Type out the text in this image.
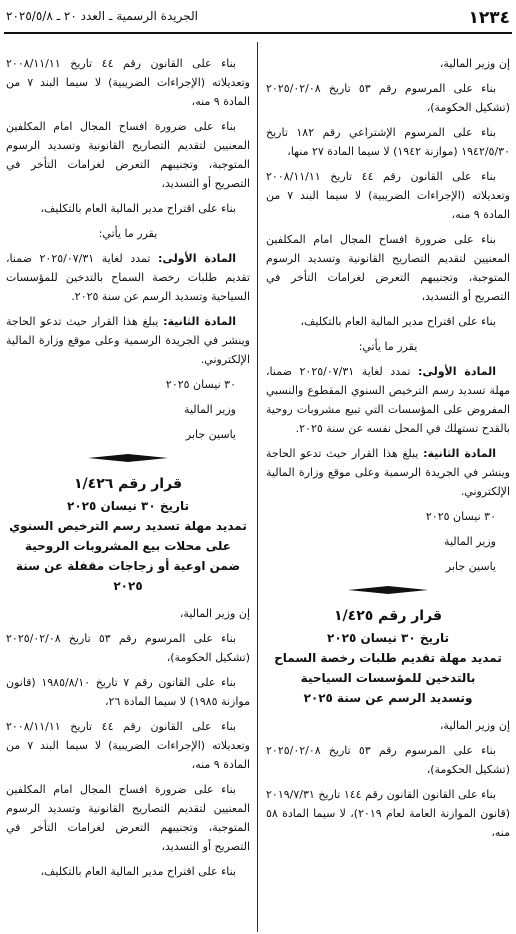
١٢٣٤
الجريدة الرسمية ـ العدد ٢٠ ـ ٢٠٢٥/٥/٨

إن وزير المالية،

بناء على المرسوم رقم ٥٣ تاريخ ٢٠٢٥/٠٢/٠٨ (تشكيل الحكومة)،

بناء على المرسوم الإشتراعي رقم ١٨٢ تاريخ ١٩٤٢/٥/٣٠ (موازنة ١٩٤٢) لا سيما المادة ٢٧ منها،

بناء على القانون رقم ٤٤ تاريخ ٢٠٠٨/١١/١١ وتعديلاته (الإجراءات الضريبية) لا سيما البند ٧ من المادة ٩ منه،

بناء على ضرورة افساح المجال امام المكلفين المعنيين لتقديم التصاريح القانونية وتسديد الرسوم المتوجبة، وتجنيبهم التعرض لغرامات التأخر في التصريح أو التسديد،

بناء على اقتراح مدير المالية العام بالتكليف،

يقرر ما يأتي:

المادة الأولى: تمدد لغاية ٢٠٢٥/٠٧/٣١ ضمنا، مهلة تسديد رسم الترخيص السنوي المقطوع والنسبي المفروض على المؤسسات التي تبيع مشروبات روحية بالقدح تستهلك في المحل نفسه عن سنة ٢٠٢٥.

المادة الثانية: يبلغ هذا القرار حيث تدعو الحاجة وينشر في الجريدة الرسمية وعلى موقع وزارة المالية الإلكتروني.

٣٠ نيسان ٢٠٢٥

وزير المالية

ياسين جابر

قرار رقم ١/٤٢٥

تاريخ ٣٠ نيسان ٢٠٢٥

تمديد مهلة تقديم طلبات رخصة السماح

بالتدخين للمؤسسات السياحية

وتسديد الرسم عن سنة ٢٠٢٥

إن وزير المالية،

بناء على المرسوم رقم ٥٣ تاريخ ٢٠٢٥/٠٢/٠٨ (تشكيل الحكومة)،

بناء على القانون القانون رقم ١٤٤ تاريخ ٢٠١٩/٧/٣١ (قانون الموازنة العامة لعام ٢٠١٩)، لا سيما المادة ٥٨ منه،

بناء على القانون رقم ٤٤ تاريخ ٢٠٠٨/١١/١١ وتعديلاته (الإجراءات الضريبية) لا سيما البند ٧ من المادة ٩ منه،

بناء على ضرورة افساح المجال امام المكلفين المعنيين لتقديم التصاريح القانونية وتسديد الرسوم المتوجبة، وتجنيبهم التعرض لغرامات التأخر في التصريح أو التسديد،

بناء على اقتراح مدير المالية العام بالتكليف،

يقرر ما يأتي:

المادة الأولى: تمدد لغاية ٢٠٢٥/٠٧/٣١ ضمنا، تقديم طلبات رخصة السماح بالتدخين للمؤسسات السياحية وتسديد الرسم عن سنة ٢٠٢٥.

المادة الثانية: يبلغ هذا القرار حيث تدعو الحاجة وينشر في الجريدة الرسمية وعلى موقع وزارة المالية الإلكتروني.

٣٠ نيسان ٢٠٢٥

وزير المالية

ياسين جابر

قرار رقم ١/٤٢٦

تاريخ ٣٠ نيسان ٢٠٢٥

تمديد مهلة تسديد رسم الترخيص السنوي

على محلات بيع المشروبات الروحية

ضمن اوعية أو زجاجات مقفلة عن سنة ٢٠٢٥

إن وزير المالية،

بناء على المرسوم رقم ٥٣ تاريخ ٢٠٢٥/٠٢/٠٨ (تشكيل الحكومة)،

بناء على القانون رقم ٧ تاريخ ١٩٨٥/٨/١٠ (قانون موازنة ١٩٨٥) لا سيما المادة ٢٦،

بناء على القانون رقم ٤٤ تاريخ ٢٠٠٨/١١/١١ وتعديلاته (الإجراءات الضريبية) لا سيما البند ٧ من المادة ٩ منه،

بناء على ضرورة افساح المجال امام المكلفين المعنيين لتقديم التصاريح القانونية وتسديد الرسوم المتوجبة، وتجنيبهم التعرض لغرامات التأخر في التصريح أو التسديد،

بناء على اقتراح مدير المالية العام بالتكليف،
